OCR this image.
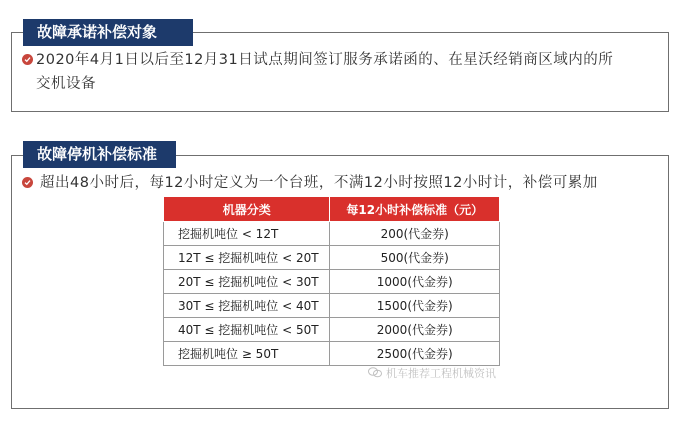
故障承诺补偿对象
2020年4月1日以后至12月31日试点期间签订服务承诺函的、在星沃经销商区域内的所
交机设备
故障停机补偿标准
超出48小时后，每12小时定义为一个台班，不满12小时按照12小时计，补偿可累加
机器分类	每12小时补偿标准（元）
挖掘机吨位 < 12T	200(代金券)
12T ≤ 挖掘机吨位 < 20T	500(代金券)
20T ≤ 挖掘机吨位 < 30T	1000(代金券)
30T ≤ 挖掘机吨位 < 40T	1500(代金券)
40T ≤ 挖掘机吨位 < 50T	2000(代金券)
挖掘机吨位 ≥ 50T	2500(代金券)
机车推荐工程机械资讯
